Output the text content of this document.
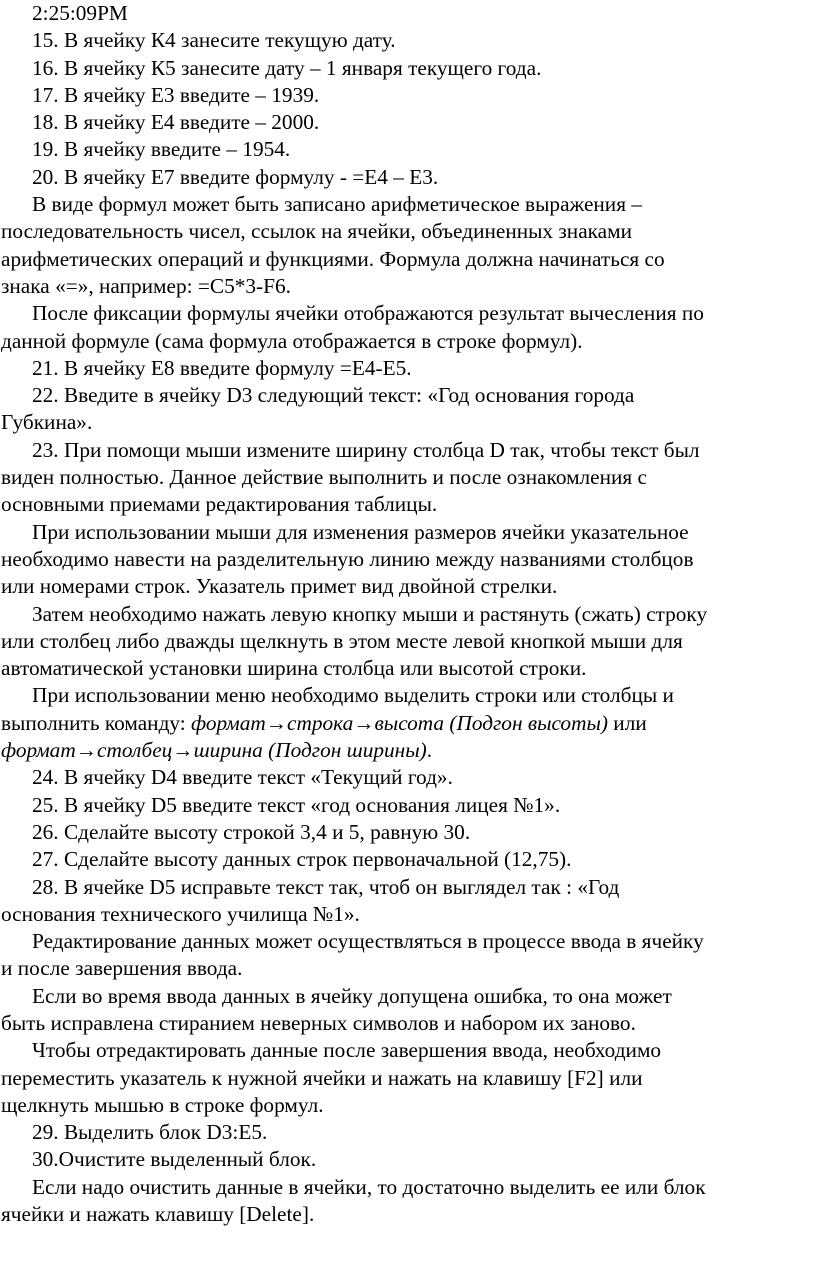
2:25:09PM

15. В ячейку К4 занесите текущую дату.

16. В ячейку К5 занесите дату – 1 января текущего года.

17. В ячейку Е3 введите – 1939.

18. В ячейку Е4 введите – 2000.

19. В ячейку введите – 1954.

20. В ячейку Е7 введите формулу - =Е4 – Е3.

В виде формул может быть записано арифметическое выражения –

последовательность чисел, ссылок на ячейки, объединенных знаками

арифметических операций и функциями. Формула должна начинаться со

знака «=», например: =С5*3-F6.

После фиксации формулы ячейки отображаются результат вычесления по

данной формуле (сама формула отображается в строке формул).

21. В ячейку Е8 введите формулу =Е4-Е5.

22. Введите в ячейку D3 следующий текст: «Год основания города

Губкина».

23. При помощи мыши измените ширину столбца D так, чтобы текст был

виден полностью. Данное действие выполнить и после ознакомления с

основными приемами редактирования таблицы.

При использовании мыши для изменения размеров ячейки указательное

необходимо навести на разделительную линию между названиями столбцов

или номерами строк. Указатель примет вид двойной стрелки.

Затем необходимо нажать левую кнопку мыши и растянуть (сжать) строку

или столбец либо дважды щелкнуть в этом месте левой кнопкой мыши для

автоматической установки ширина столбца или высотой строки.

При использовании меню необходимо выделить строки или столбцы и
выполнить команду: формат→строка→высота (Подгон высоты) или
формат→столбец→ширина (Подгон ширины).

24. В ячейку D4 введите текст «Текущий год».

25. В ячейку D5 введите текст «год основания лицея №1».

26. Сделайте высоту строкой 3,4 и 5, равную 30.

27. Сделайте высоту данных строк первоначальной (12,75).

28. В ячейке D5 исправьте текст так, чтоб он выглядел так : «Год

основания технического училища №1».

Редактирование данных может осуществляться в процессе ввода в ячейку

и после завершения ввода.

Если во время ввода данных в ячейку допущена ошибка, то она может

быть исправлена стиранием неверных символов и набором их заново.

Чтобы отредактировать данные после завершения ввода, необходимо

переместить указатель к нужной ячейки и нажать на клавишу [F2] или

щелкнуть мышью в строке формул.

29. Выделить блок D3:E5.

30.Очистите выделенный блок.

Если надо очистить данные в ячейки, то достаточно выделить ее или блок

ячейки и нажать клавишу [Delete].
